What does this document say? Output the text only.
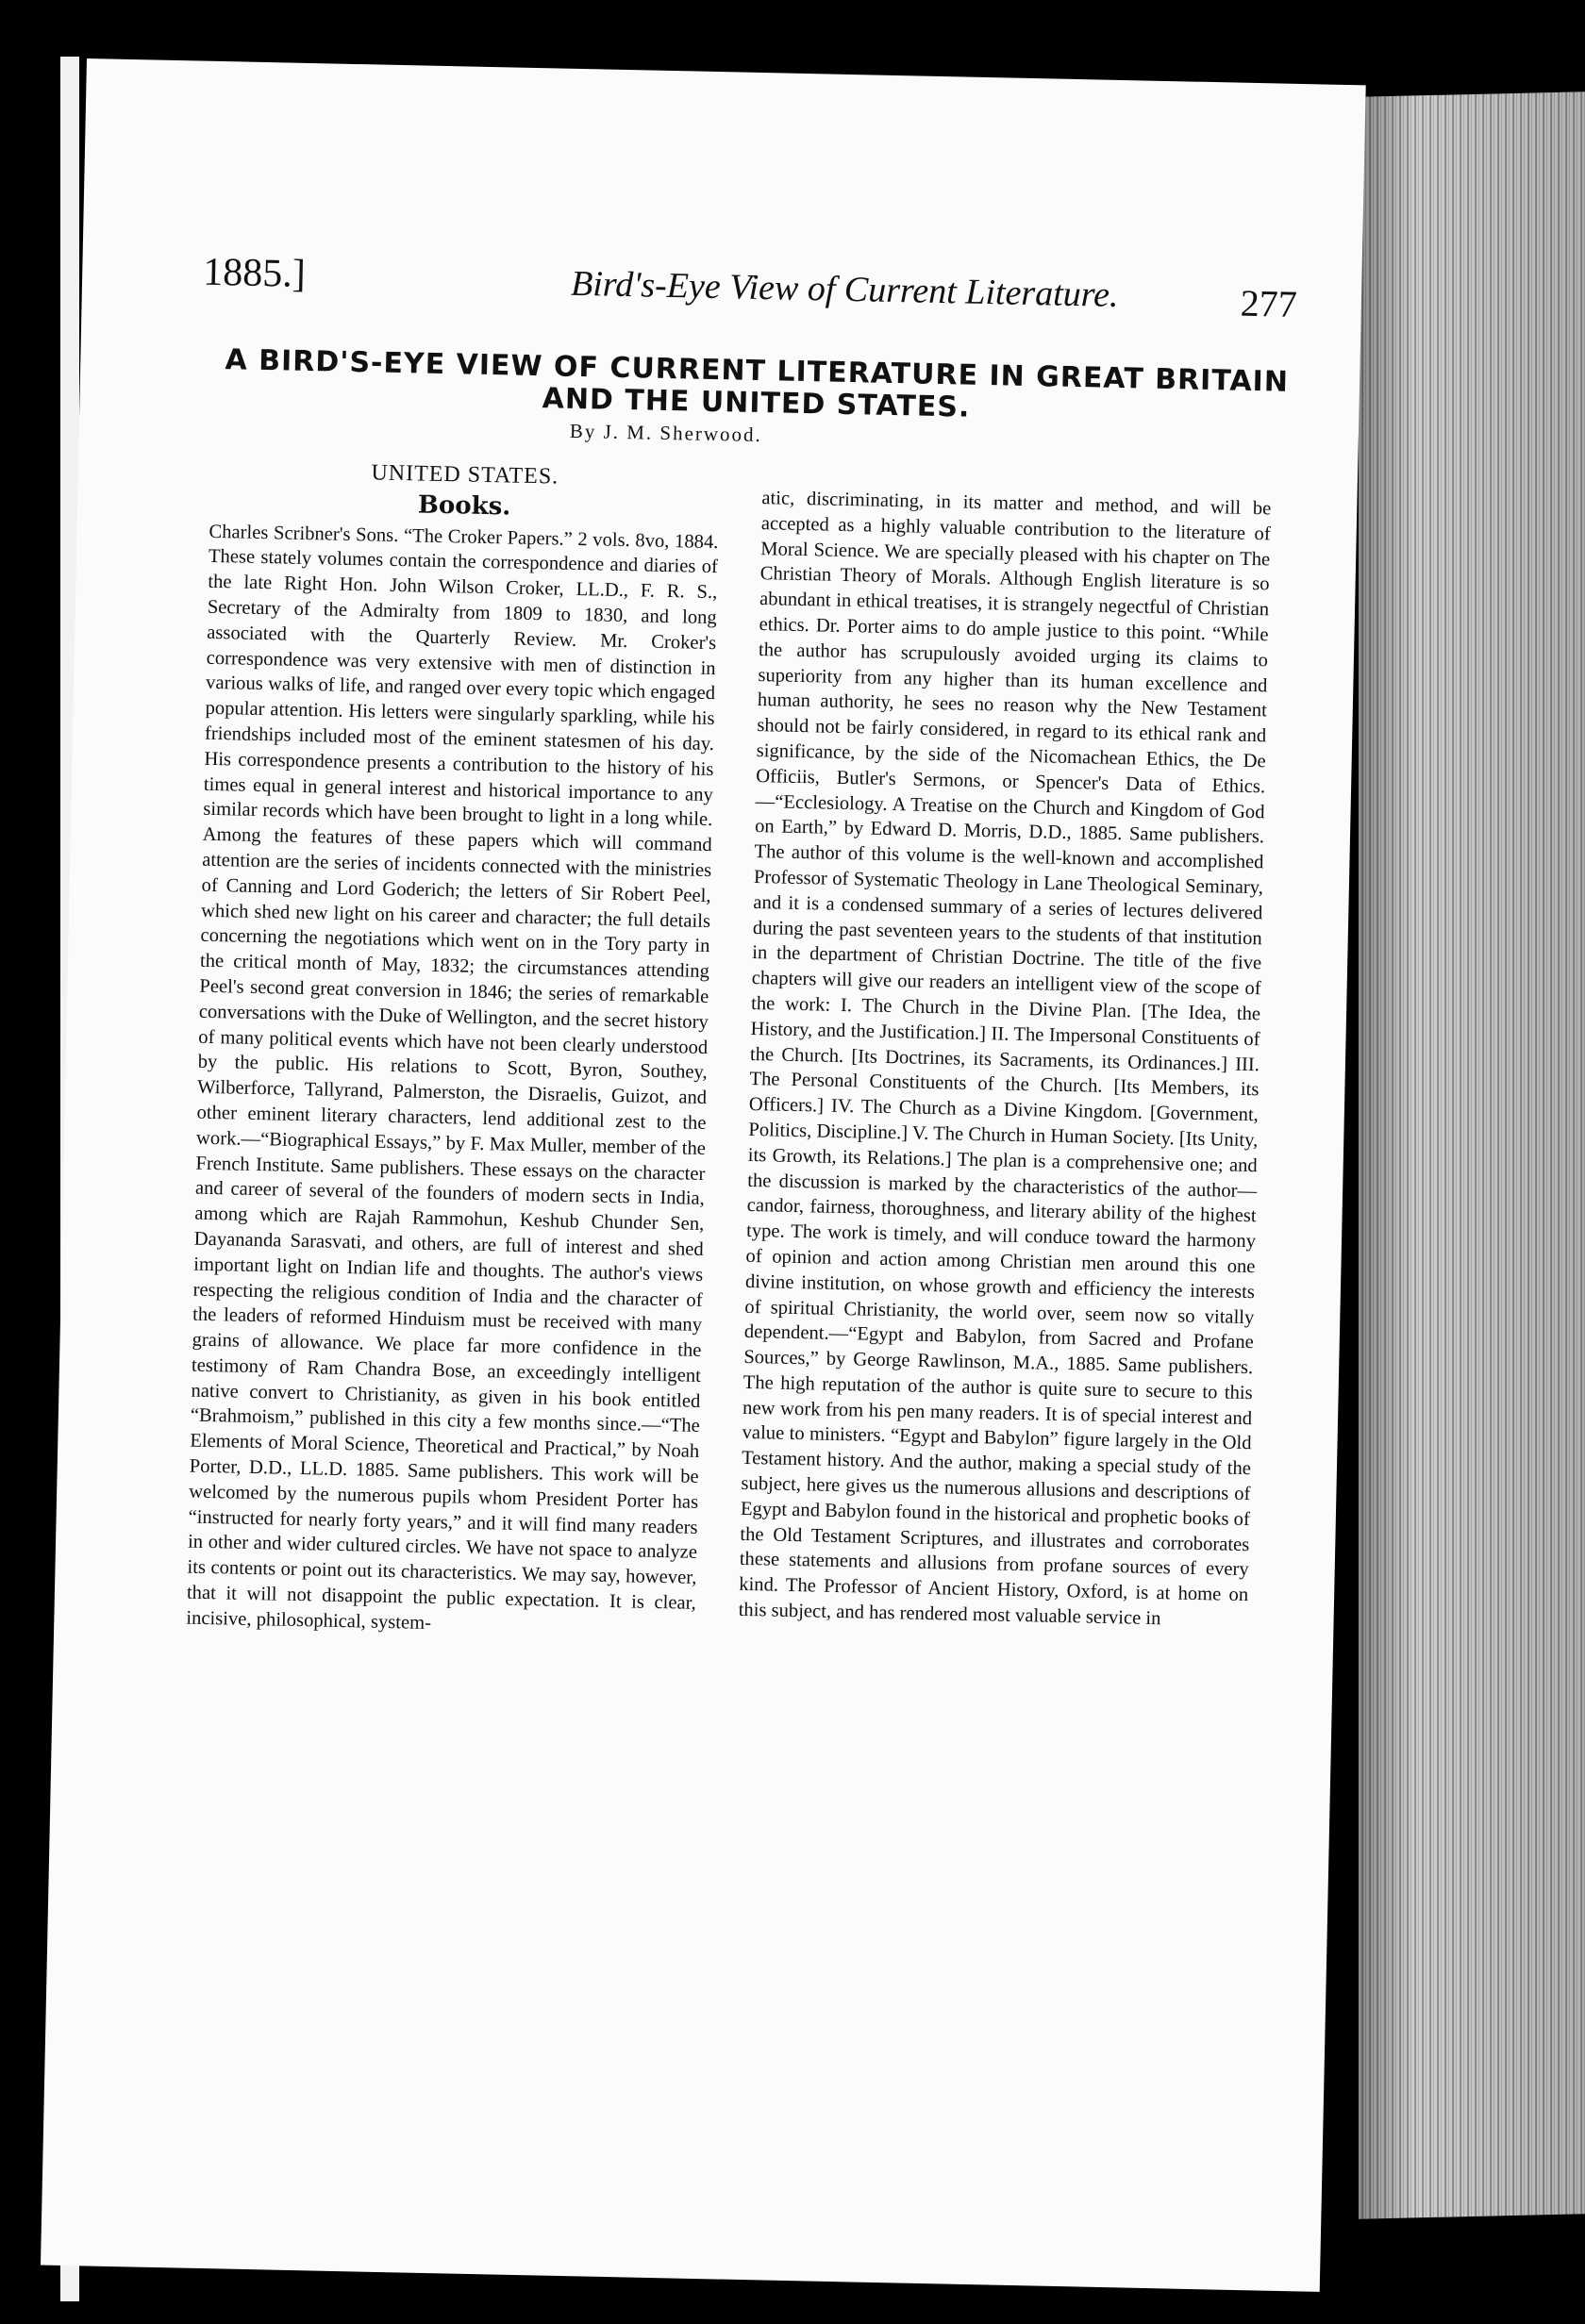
1885.]	Bird's-Eye View of Current Literature.	277
A BIRD'S-EYE VIEW OF CURRENT LITERATURE IN GREAT BRITAIN AND THE UNITED STATES.
By J. M. Sherwood.
UNITED STATES.
Books.

Charles Scribner's Sons. “The Croker Papers.” 2 vols. 8vo, 1884. These stately volumes contain the correspondence and diaries of the late Right Hon. John Wilson Croker, LL.D., F. R. S., Secretary of the Admiralty from 1809 to 1830, and long associated with the Quarterly Review. Mr. Croker's correspondence was very extensive with men of distinction in various walks of life, and ranged over every topic which engaged popular attention. His letters were singularly sparkling, while his friendships included most of the eminent statesmen of his day. His correspondence presents a contribution to the history of his times equal in general interest and historical importance to any similar records which have been brought to light in a long while. Among the features of these papers which will command attention are the series of incidents connected with the ministries of Canning and Lord Goderich; the letters of Sir Robert Peel, which shed new light on his career and character; the full details concerning the negotiations which went on in the Tory party in the critical month of May, 1832; the circumstances attending Peel's second great conversion in 1846; the series of remarkable conversations with the Duke of Wellington, and the secret history of many political events which have not been clearly understood by the public. His relations to Scott, Byron, Southey, Wilberforce, Tallyrand, Palmerston, the Disraelis, Guizot, and other eminent literary characters, lend additional zest to the work.—“Biographical Essays,” by F. Max Muller, member of the French Institute. Same publishers. These essays on the character and career of several of the founders of modern sects in India, among which are Rajah Rammohun, Keshub Chunder Sen, Dayananda Sarasvati, and others, are full of interest and shed important light on Indian life and thoughts. The author's views respecting the religious condition of India and the character of the leaders of reformed Hinduism must be received with many grains of allowance. We place far more confidence in the testimony of Ram Chandra Bose, an exceedingly intelligent native convert to Christianity, as given in his book entitled “Brahmoism,” published in this city a few months since.—“The Elements of Moral Science, Theoretical and Practical,” by Noah Porter, D.D., LL.D. 1885. Same publishers. This work will be welcomed by the numerous pupils whom President Porter has “instructed for nearly forty years,” and it will find many readers in other and wider cultured circles. We have not space to analyze its contents or point out its characteristics. We may say, however, that it will not disappoint the public expectation. It is clear, incisive, philosophical, system-

atic, discriminating, in its matter and method, and will be accepted as a highly valuable contribution to the literature of Moral Science. We are specially pleased with his chapter on The Christian Theory of Morals. Although English literature is so abundant in ethical treatises, it is strangely negectful of Christian ethics. Dr. Porter aims to do ample justice to this point. “While the author has scrupulously avoided urging its claims to superiority from any higher than its human excellence and human authority, he sees no reason why the New Testament should not be fairly considered, in regard to its ethical rank and significance, by the side of the Nicomachean Ethics, the De Officiis, Butler's Sermons, or Spencer's Data of Ethics.—“Ecclesiology. A Treatise on the Church and Kingdom of God on Earth,” by Edward D. Morris, D.D., 1885. Same publishers. The author of this volume is the well-known and accomplished Professor of Systematic Theology in Lane Theological Seminary, and it is a condensed summary of a series of lectures delivered during the past seventeen years to the students of that institution in the department of Christian Doctrine. The title of the five chapters will give our readers an intelligent view of the scope of the work: I. The Church in the Divine Plan. [The Idea, the History, and the Justification.] II. The Impersonal Constituents of the Church. [Its Doctrines, its Sacraments, its Ordinances.] III. The Personal Constituents of the Church. [Its Members, its Officers.] IV. The Church as a Divine Kingdom. [Government, Politics, Discipline.] V. The Church in Human Society. [Its Unity, its Growth, its Relations.] The plan is a comprehensive one; and the discussion is marked by the characteristics of the author—candor, fairness, thoroughness, and literary ability of the highest type. The work is timely, and will conduce toward the harmony of opinion and action among Christian men around this one divine institution, on whose growth and efficiency the interests of spiritual Christianity, the world over, seem now so vitally dependent.—“Egypt and Babylon, from Sacred and Profane Sources,” by George Rawlinson, M.A., 1885. Same publishers. The high reputation of the author is quite sure to secure to this new work from his pen many readers. It is of special interest and value to ministers. “Egypt and Babylon” figure largely in the Old Testament history. And the author, making a special study of the subject, here gives us the numerous allusions and descriptions of Egypt and Babylon found in the historical and prophetic books of the Old Testament Scriptures, and illustrates and corroborates these statements and allusions from profane sources of every kind. The Professor of Ancient History, Oxford, is at home on this subject, and has rendered most valuable service in
